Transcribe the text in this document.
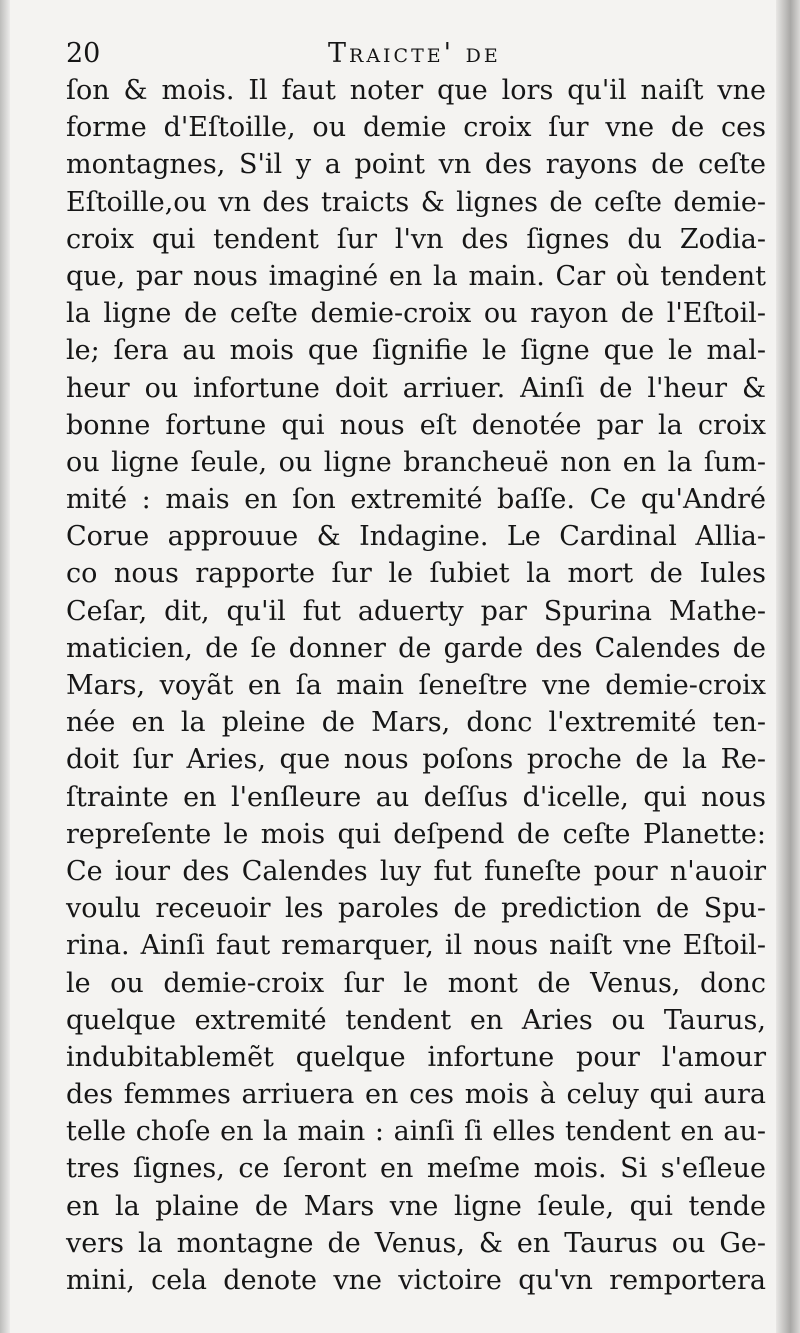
20	Traicte' de
ſon & mois. Il faut noter que lors qu'il naiſt vne
forme d'Eſtoille, ou demie croix ſur vne de ces
montagnes, S'il y a point vn des rayons de ceſte
Eſtoille,ou vn des traicts & lignes de ceſte demie-
croix qui tendent ſur l'vn des ſignes du Zodia-
que, par nous imaginé en la main. Car où tendent
la ligne de ceſte demie-croix ou rayon de l'Eſtoil-
le; ſera au mois que ſignifie le ſigne que le mal-
heur ou infortune doit arriuer. Ainſi de l'heur &
bonne fortune qui nous eſt denotée par la croix
ou ligne ſeule, ou ligne brancheuë non en la ſum-
mité : mais en ſon extremité baſſe. Ce qu'André
Corue approuue & Indagine. Le Cardinal Allia-
co nous rapporte ſur le ſubiet la mort de Iules
Ceſar, dit, qu'il fut aduerty par Spurina Mathe-
maticien, de ſe donner de garde des Calendes de
Mars, voyãt en ſa main ſeneſtre vne demie-croix
née en la pleine de Mars, donc l'extremité ten-
doit ſur Aries, que nous poſons proche de la Re-
ſtrainte en l'enſleure au deſſus d'icelle, qui nous
repreſente le mois qui deſpend de ceſte Planette:
Ce iour des Calendes luy fut funeſte pour n'auoir
voulu receuoir les paroles de prediction de Spu-
rina. Ainſi faut remarquer, il nous naiſt vne Eſtoil-
le ou demie-croix ſur le mont de Venus, donc
quelque extremité tendent en Aries ou Taurus,
indubitablemẽt quelque infortune pour l'amour
des femmes arriuera en ces mois à celuy qui aura
telle choſe en la main : ainſi ſi elles tendent en au-
tres ſignes, ce ſeront en meſme mois. Si s'eſleue
en la plaine de Mars vne ligne ſeule, qui tende
vers la montagne de Venus, & en Taurus ou Ge-
mini, cela denote vne victoire qu'vn remportera
